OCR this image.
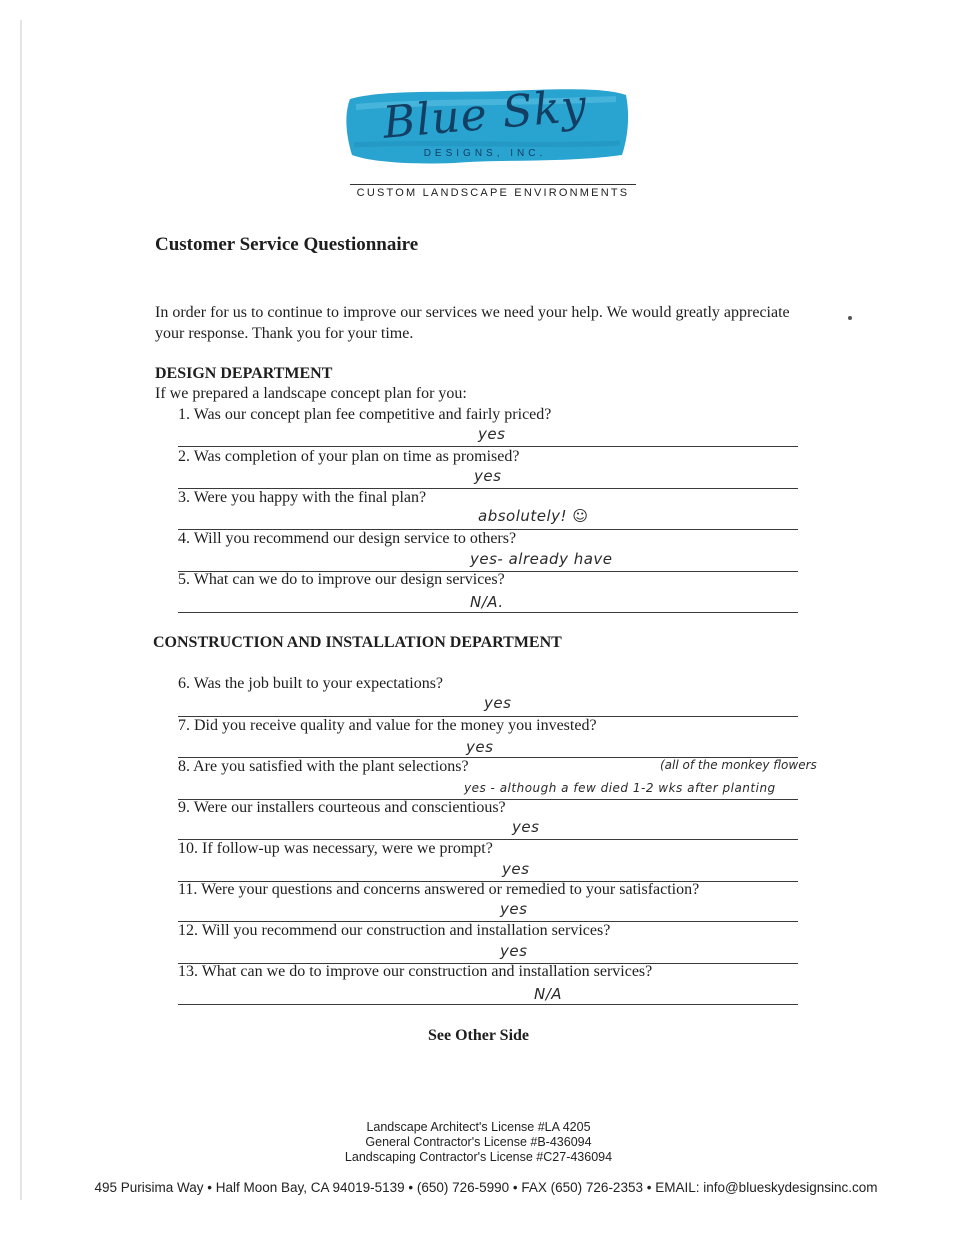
Blue Sky
DESIGNS, INC.
CUSTOM LANDSCAPE ENVIRONMENTS
Customer Service Questionnaire
In order for us to continue to improve our services we need your help. We would greatly appreciate your response. Thank you for your time.
DESIGN DEPARTMENT
If we prepared a landscape concept plan for you:
1. Was our concept plan fee competitive and fairly priced?
yes
2. Was completion of your plan on time as promised?
yes
3. Were you happy with the final plan?
absolutely! ☺
4. Will you recommend our design service to others?
yes- already have
5. What can we do to improve our design services?
N/A.
CONSTRUCTION AND INSTALLATION DEPARTMENT
6. Was the job built to your expectations?
yes
7. Did you receive quality and value for the money you invested?
yes
8. Are you satisfied with the plant selections?	(all of the monkey flowers
yes - although a few died 1-2 wks after planting
9. Were our installers courteous and conscientious?
yes
10. If follow-up was necessary, were we prompt?
yes
11. Were your questions and concerns answered or remedied to your satisfaction?
yes
12. Will you recommend our construction and installation services?
yes
13. What can we do to improve our construction and installation services?
N/A
See Other Side
Landscape Architect's License #LA 4205
General Contractor's License #B-436094
Landscaping Contractor's License #C27-436094
495 Purisima Way • Half Moon Bay, CA 94019-5139 • (650) 726-5990 • FAX (650) 726-2353 • EMAIL: info@blueskydesignsinc.com
